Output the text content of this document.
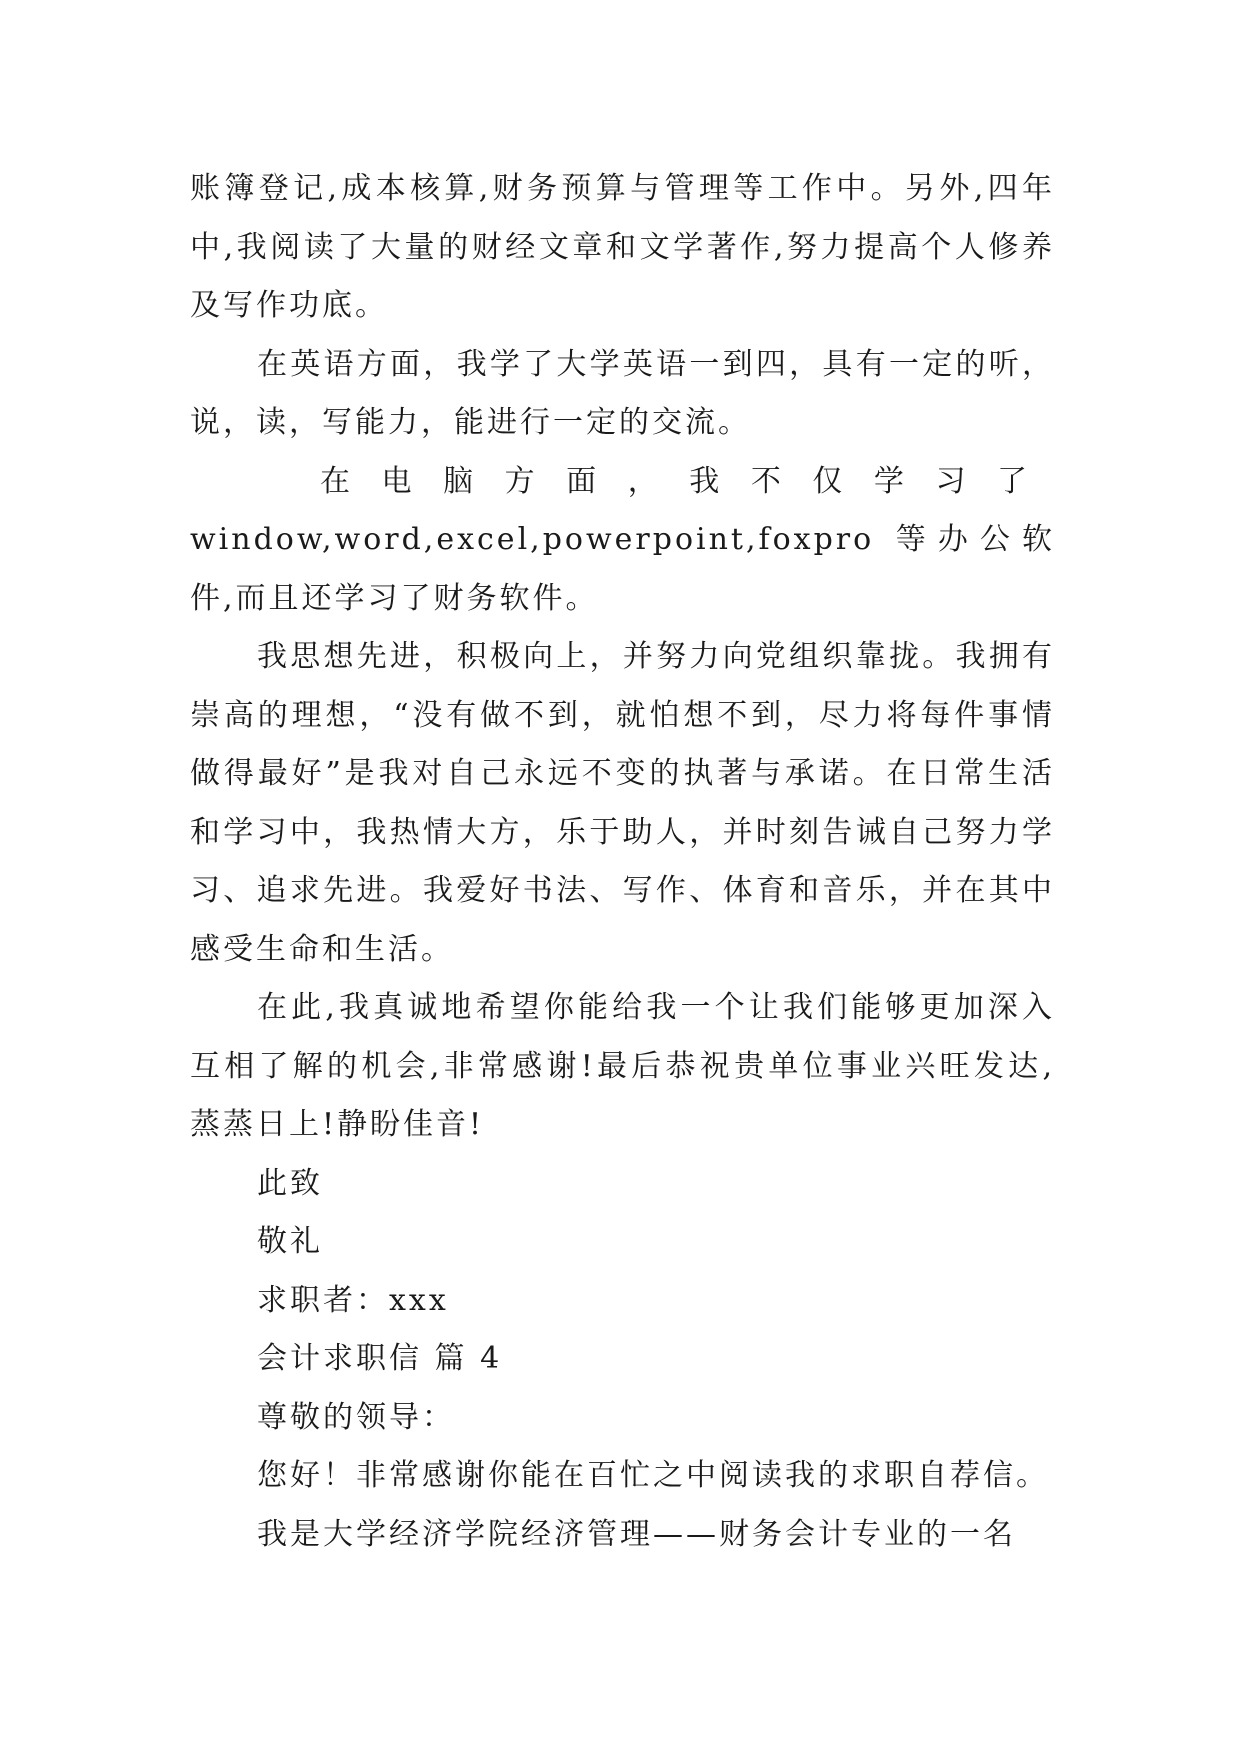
账簿登记,成本核算,财务预算与管理等工作中。另外,四年中,我阅读了大量的财经文章和文学著作,努力提高个人修养及写作功底。

在英语方面，我学了大学英语一到四，具有一定的听，说，读，写能力，能进行一定的交流。

在电脑方面，我不仅学习了

window,word,excel,powerpoint,foxpro 等办公软件,而且还学习了财务软件。

我思想先进，积极向上，并努力向党组织靠拢。我拥有崇高的理想，“没有做不到，就怕想不到，尽力将每件事情做得最好”是我对自己永远不变的执著与承诺。在日常生活和学习中，我热情大方，乐于助人，并时刻告诫自己努力学习、追求先进。我爱好书法、写作、体育和音乐，并在其中感受生命和生活。

在此,我真诚地希望你能给我一个让我们能够更加深入互相了解的机会,非常感谢!最后恭祝贵单位事业兴旺发达,蒸蒸日上!静盼佳音!

此致

敬礼

求职者：xxx

会计求职信 篇 4

尊敬的领导：

您好！非常感谢你能在百忙之中阅读我的求职自荐信。

我是大学经济学院经济管理——财务会计专业的一名
